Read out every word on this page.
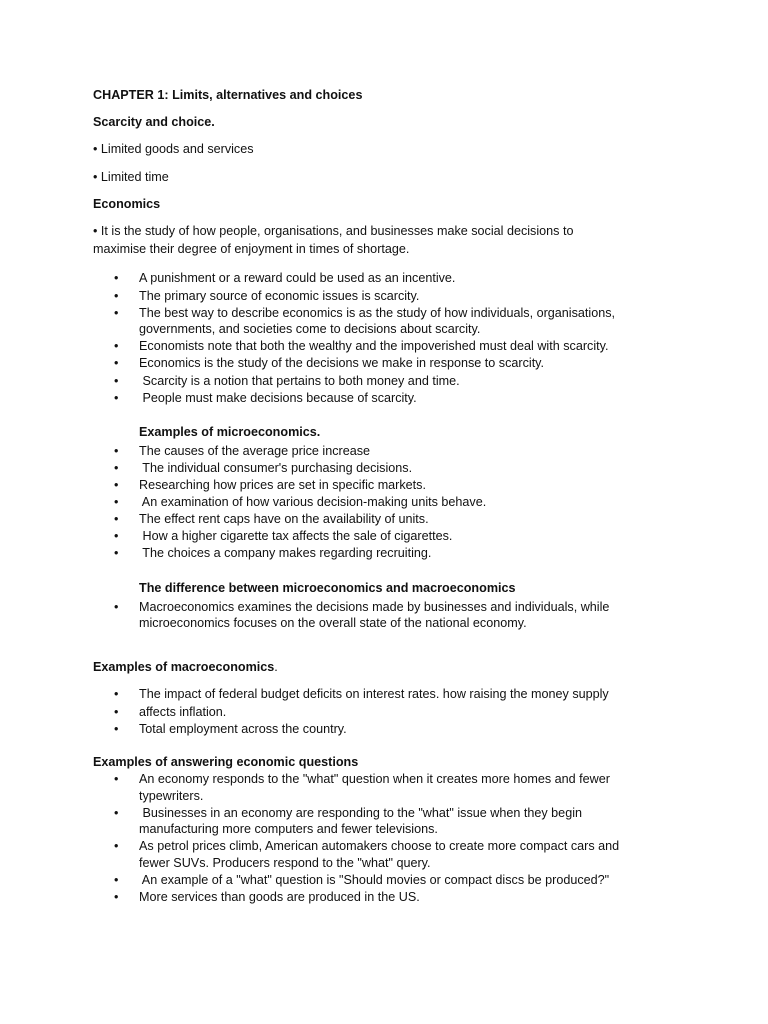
CHAPTER 1: Limits, alternatives and choices

Scarcity and choice.

• Limited goods and services

• Limited time

Economics

• It is the study of how people, organisations, and businesses make social decisions to

maximise their degree of enjoyment in times of shortage.

• A punishment or a reward could be used as an incentive.
• The primary source of economic issues is scarcity.
• The best way to describe economics is as the study of how individuals, organisations,
governments, and societies come to decisions about scarcity.
• Economists note that both the wealthy and the impoverished must deal with scarcity.
• Economics is the study of the decisions we make in response to scarcity.
• Scarcity is a notion that pertains to both money and time.
• People must make decisions because of scarcity.

Examples of microeconomics.

• The causes of the average price increase
• The individual consumer's purchasing decisions.
• Researching how prices are set in specific markets.
• An examination of how various decision-making units behave.
• The effect rent caps have on the availability of units.
• How a higher cigarette tax affects the sale of cigarettes.
• The choices a company makes regarding recruiting.

The difference between microeconomics and macroeconomics

• Macroeconomics examines the decisions made by businesses and individuals, while
microeconomics focuses on the overall state of the national economy.

Examples of macroeconomics.

• The impact of federal budget deficits on interest rates. how raising the money supply
• affects inflation.
• Total employment across the country.

Examples of answering economic questions

• An economy responds to the "what" question when it creates more homes and fewer
typewriters.
• Businesses in an economy are responding to the "what" issue when they begin
manufacturing more computers and fewer televisions.
• As petrol prices climb, American automakers choose to create more compact cars and
fewer SUVs. Producers respond to the "what" query.
• An example of a "what" question is "Should movies or compact discs be produced?"
• More services than goods are produced in the US.
